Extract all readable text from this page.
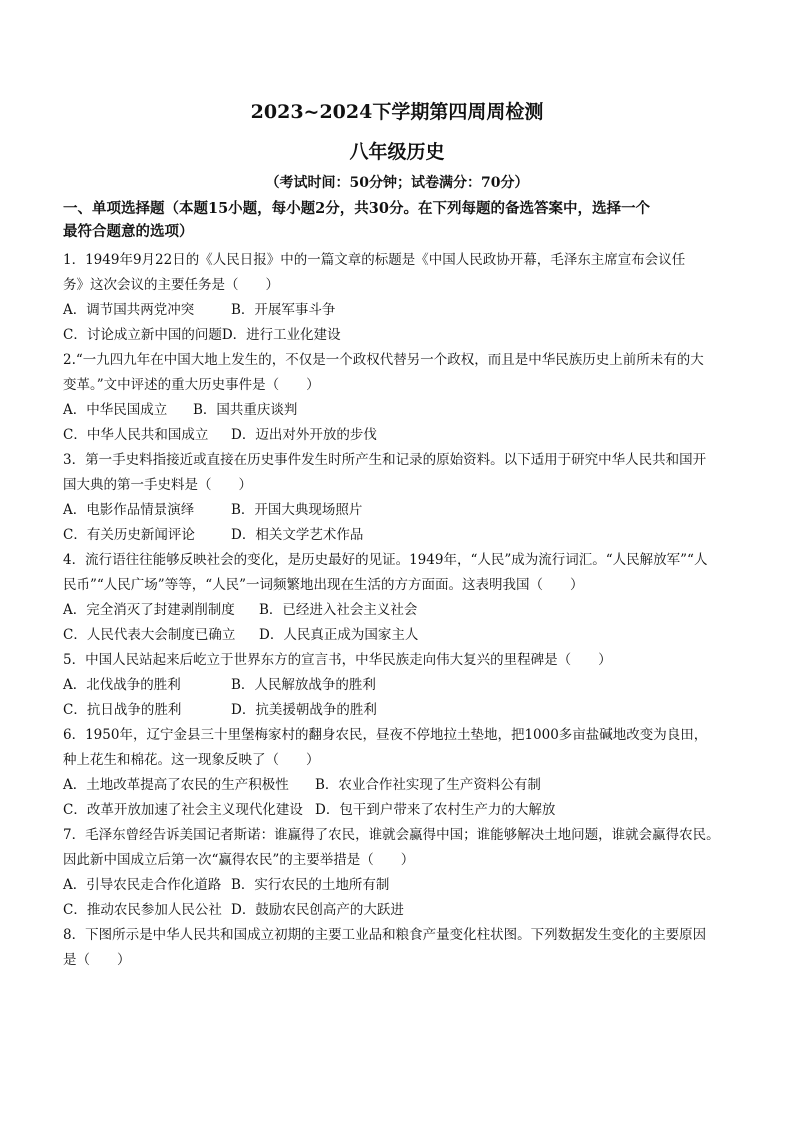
2023~2024下学期第四周周检测
八年级历史
（考试时间：50分钟；试卷满分：70分）
一、单项选择题（本题15小题，每小题2分，共30分。在下列每题的备选答案中，选择一个
最符合题意的选项）
1．1949年9月22日的《人民日报》中的一篇文章的标题是《中国人民政协开幕，毛泽东主席宣布会议任
务》这次会议的主要任务是（　　）
A．调节国共两党冲突	B．开展军事斗争
C．讨论成立新中国的问题D．进行工业化建设
2.“一九四九年在中国大地上发生的，不仅是一个政权代替另一个政权，而且是中华民族历史上前所未有的大
变革。”文中评述的重大历史事件是（　　）
A．中华民国成立 B．国共重庆谈判
C．中华人民共和国成立 D．迈出对外开放的步伐
3．第一手史料指接近或直接在历史事件发生时所产生和记录的原始资料。以下适用于研究中华人民共和国开
国大典的第一手史料是（　　）
A．电影作品情景演绎	B．开国大典现场照片
C．有关历史新闻评论	D．相关文学艺术作品
4．流行语往往能够反映社会的变化，是历史最好的见证。1949年，“人民”成为流行词汇。“人民解放军”“人
民币”“人民广场”等等，“人民”一词频繁地出现在生活的方方面面。这表明我国（　　）
A．完全消灭了封建剥削制度 B．已经进入社会主义社会
C．人民代表大会制度已确立 D．人民真正成为国家主人
5．中国人民站起来后屹立于世界东方的宣言书，中华民族走向伟大复兴的里程碑是（　　）
A．北伐战争的胜利	B．人民解放战争的胜利
C．抗日战争的胜利	D．抗美援朝战争的胜利
6．1950年，辽宁金县三十里堡梅家村的翻身农民，昼夜不停地拉土垫地，把1000多亩盐碱地改变为良田，
种上花生和棉花。这一现象反映了（　　）
A．土地改革提高了农民的生产积极性 B．农业合作社实现了生产资料公有制
C．改革开放加速了社会主义现代化建设 D．包干到户带来了农村生产力的大解放
7．毛泽东曾经告诉美国记者斯诺：谁赢得了农民，谁就会赢得中国；谁能够解决土地问题，谁就会赢得农民。
因此新中国成立后第一次“赢得农民”的主要举措是（　　）
A．引导农民走合作化道路 B．实行农民的土地所有制
C．推动农民参加人民公社 D．鼓励农民创高产的大跃进
8．下图所示是中华人民共和国成立初期的主要工业品和粮食产量变化柱状图。下列数据发生变化的主要原因
是（　　）
